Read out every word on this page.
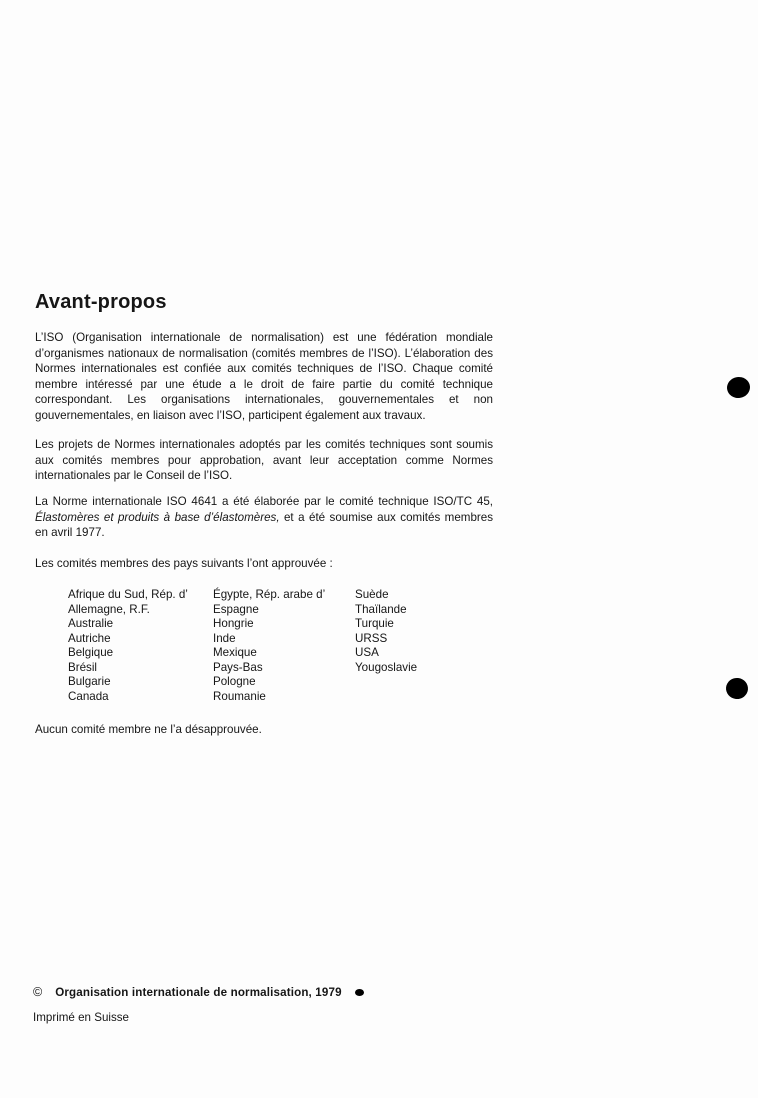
Avant-propos

L’ISO (Organisation internationale de normalisation) est une fédération mondiale d’organismes nationaux de normalisation (comités membres de l’ISO). L’élaboration des Normes internationales est confiée aux comités techniques de l’ISO. Chaque comité membre intéressé par une étude a le droit de faire partie du comité technique correspondant. Les organisations internationales, gouvernementales et non gouvernementales, en liaison avec l’ISO, participent également aux travaux.

Les projets de Normes internationales adoptés par les comités techniques sont soumis aux comités membres pour approbation, avant leur acceptation comme Normes internationales par le Conseil de l’ISO.

La Norme internationale ISO 4641 a été élaborée par le comité technique ISO/TC 45, Élastomères et produits à base d’élastomères, et a été soumise aux comités membres en avril 1977.

Les comités membres des pays suivants l’ont approuvée :

Afrique du Sud, Rép. d’
Allemagne, R.F.
Australie
Autriche
Belgique
Brésil
Bulgarie
Canada
Égypte, Rép. arabe d’
Espagne
Hongrie
Inde
Mexique
Pays-Bas
Pologne
Roumanie
Suède
Thaïlande
Turquie
URSS
USA
Yougoslavie

Aucun comité membre ne l’a désapprouvée.

© Organisation internationale de normalisation, 1979

Imprimé en Suisse
